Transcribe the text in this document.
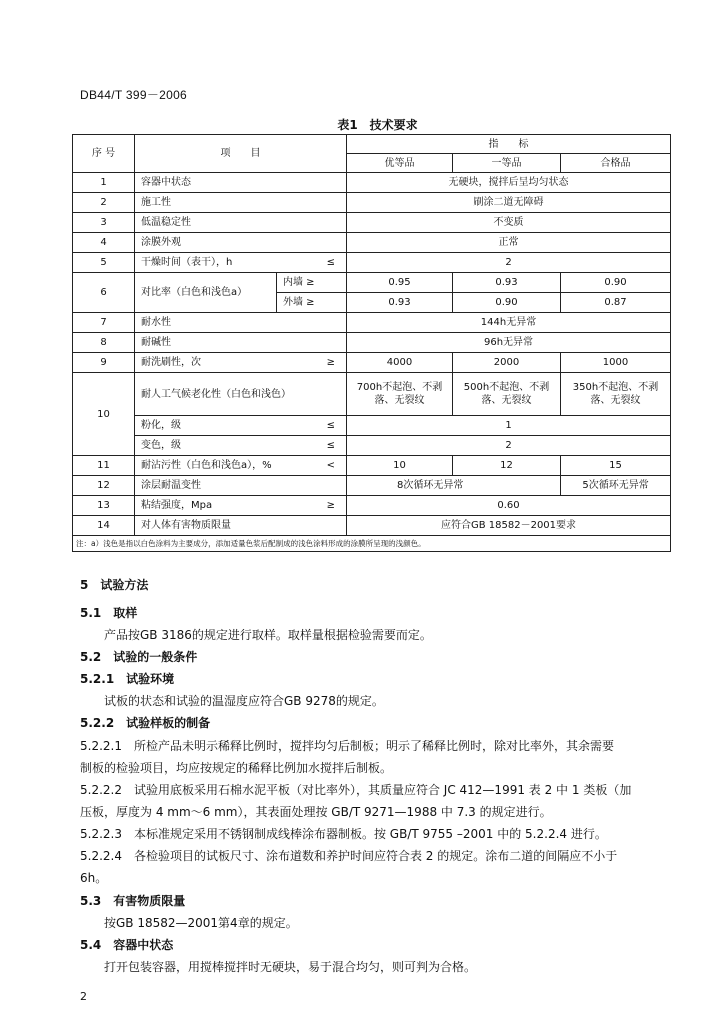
DB44/T 399－2006
表1　技术要求
序 号	项　　目		指　　标		
			优等品	一等品	合格品
1	容器中状态		无硬块，搅拌后呈均匀状态		
2	施工性		刷涂二道无障碍		
3	低温稳定性		不变质		
4	涂膜外观		正常		
5	干燥时间（表干），h ≤		2		
6	对比率（白色和浅色a）	内墙 ≥	0.95	0.93	0.90
		外墙 ≥	0.93	0.90	0.87
7	耐水性		144h无异常		
8	耐碱性		96h无异常		
9	耐洗刷性，次 ≥		4000	2000	1000
10	耐人工气候老化性（白色和浅色）		700h不起泡、不剥落、无裂纹	500h不起泡、不剥落、无裂纹	350h不起泡、不剥落、无裂纹
	粉化，级 ≤		1		
	变色，级 ≤		2		
11	耐沾污性（白色和浅色a），% <		10	12	15
12	涂层耐温变性		8次循环无异常		5次循环无异常
13	粘结强度，Mpa ≥		0.60		
14	对人体有害物质限量		应符合GB 18582－2001要求		
注：a）浅色是指以白色涂料为主要成分，添加适量色浆后配制成的浅色涂料形成的涂膜所呈现的浅颜色。					
5　试验方法
5.1　取样
产品按GB 3186的规定进行取样。取样量根据检验需要而定。
5.2　试验的一般条件
5.2.1　试验环境
试板的状态和试验的温湿度应符合GB 9278的规定。
5.2.2　试验样板的制备
5.2.2.1　所检产品未明示稀释比例时，搅拌均匀后制板；明示了稀释比例时，除对比率外，其余需要
制板的检验项目，均应按规定的稀释比例加水搅拌后制板。
5.2.2.2　试验用底板采用石棉水泥平板（对比率外），其质量应符合 JC 412—1991 表 2 中 1 类板（加
压板，厚度为 4 mm～6 mm），其表面处理按 GB/T 9271—1988 中 7.3 的规定进行。
5.2.2.3　本标准规定采用不锈钢制成线棒涂布器制板。按 GB/T 9755 –2001 中的 5.2.2.4 进行。
5.2.2.4　各检验项目的试板尺寸、涂布道数和养护时间应符合表 2 的规定。涂布二道的间隔应不小于
6h。
5.3　有害物质限量
按GB 18582—2001第4章的规定。
5.4　容器中状态
打开包装容器，用搅棒搅拌时无硬块，易于混合均匀，则可判为合格。
2
